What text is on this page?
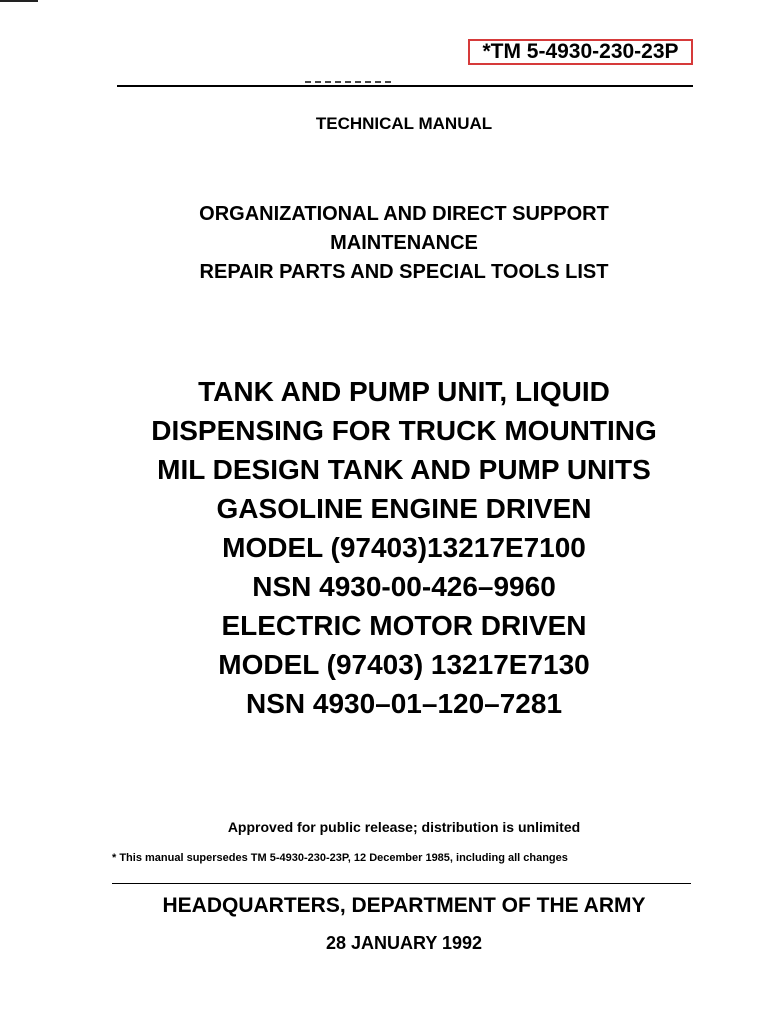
*TM 5-4930-230-23P
TECHNICAL MANUAL
ORGANIZATIONAL AND DIRECT SUPPORT
MAINTENANCE
REPAIR PARTS AND SPECIAL TOOLS LIST
TANK AND PUMP UNIT, LIQUID
DISPENSING FOR TRUCK MOUNTING
MIL DESIGN TANK AND PUMP UNITS
GASOLINE ENGINE DRIVEN
MODEL (97403)13217E7100
NSN 4930-00-426–9960
ELECTRIC MOTOR DRIVEN
MODEL (97403) 13217E7130
NSN 4930–01–120–7281
Approved for public release; distribution is unlimited
* This manual supersedes TM 5-4930-230-23P, 12 December 1985, including all changes
HEADQUARTERS, DEPARTMENT OF THE ARMY
28 JANUARY 1992
